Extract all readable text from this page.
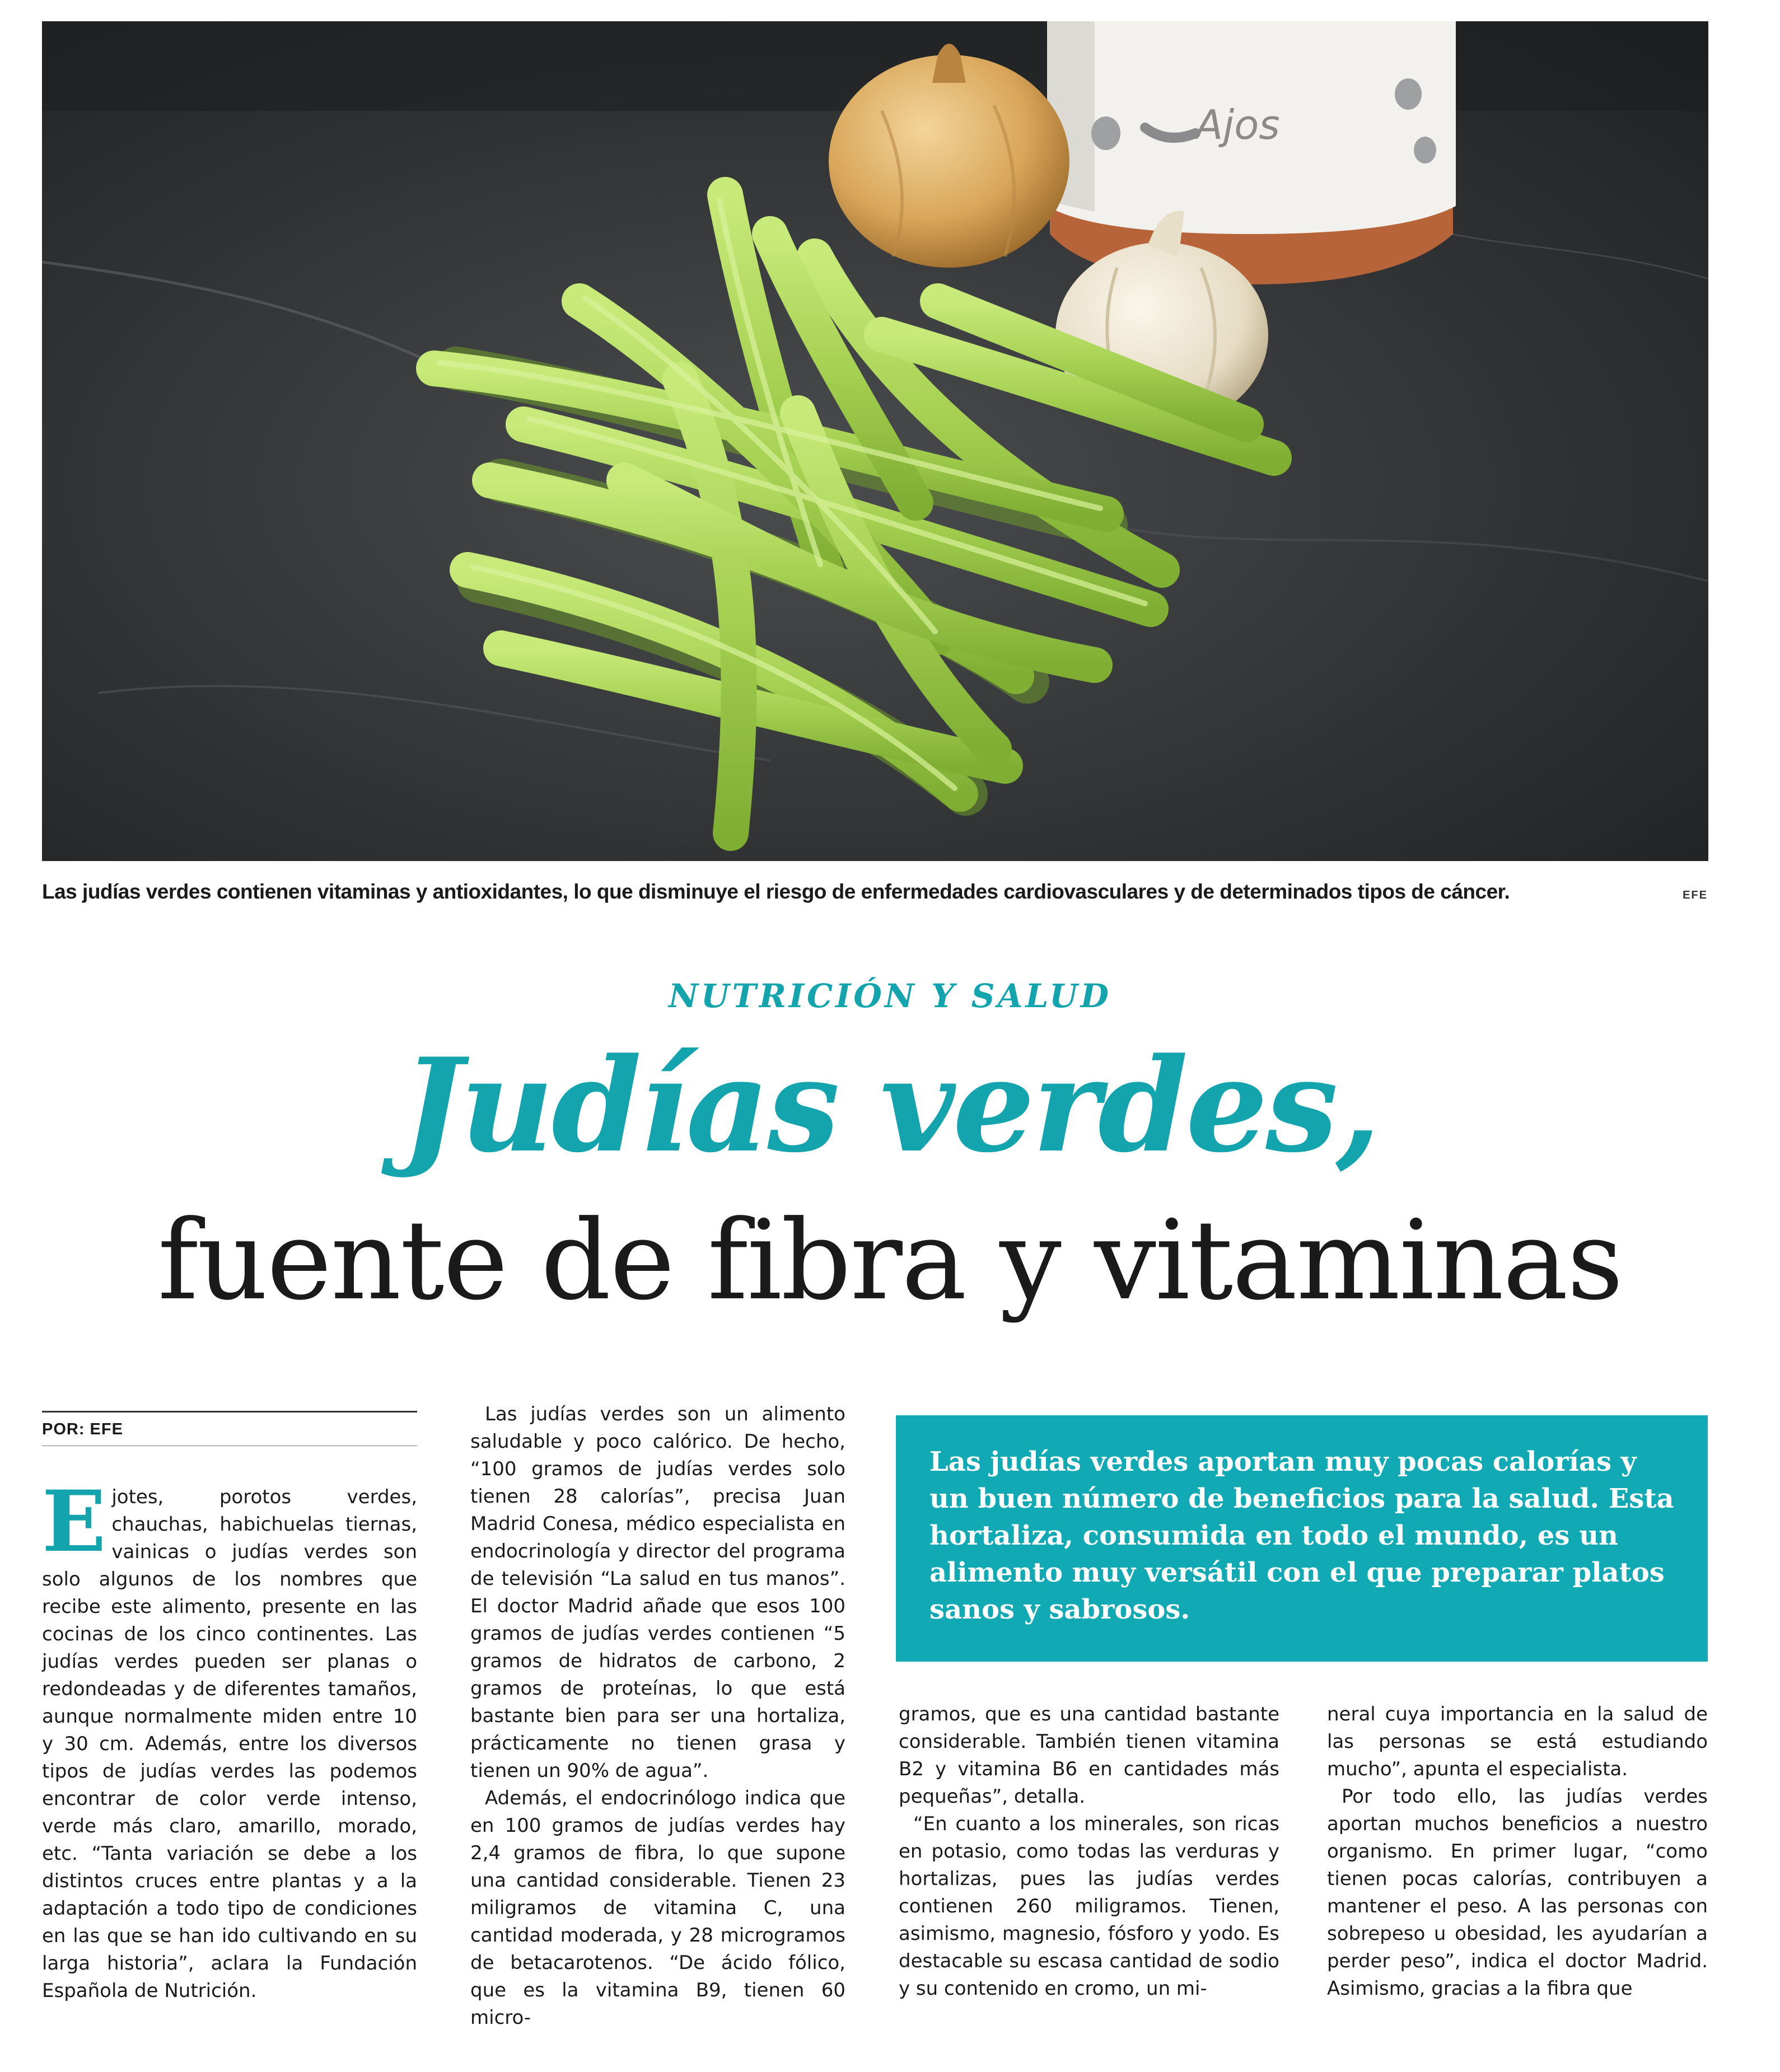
Ajos
Las judías verdes contienen vitaminas y antioxidantes, lo que disminuye el riesgo de enfermedades cardiovasculares y de determinados tipos de cáncer.	EFE
NUTRICIÓN Y SALUD
Judías verdes,
fuente de fibra y vitaminas
POR: EFE

E jotes, porotos verdes, chauchas, habichuelas tiernas, vainicas o judías verdes son solo algunos de los nombres que recibe este alimento, presente en las cocinas de los cinco continentes. Las judías verdes pueden ser planas o redondeadas y de diferentes tamaños, aunque normalmente miden entre 10 y 30 cm. Además, entre los diversos tipos de judías verdes las podemos encontrar de color verde intenso, verde más claro, amarillo, morado, etc. “Tanta variación se debe a los distintos cruces entre plantas y a la adaptación a todo tipo de condiciones en las que se han ido cultivando en su larga historia”, aclara la Fundación Española de Nutrición.

Las judías verdes son un alimento saludable y poco calórico. De hecho, “100 gramos de judías verdes solo tienen 28 calorías”, precisa Juan Madrid Conesa, médico especialista en endocrinología y director del programa de televisión “La salud en tus manos”. El doctor Madrid añade que esos 100 gramos de judías verdes contienen “5 gramos de hidratos de carbono, 2 gramos de proteínas, lo que está bastante bien para ser una hortaliza, prácticamente no tienen grasa y tienen un 90% de agua”.

Además, el endocrinólogo indica que en 100 gramos de judías verdes hay 2,4 gramos de fibra, lo que supone una cantidad considerable. Tienen 23 miligramos de vitamina C, una cantidad moderada, y 28 microgramos de betacarotenos. “De ácido fólico, que es la vitamina B9, tienen 60 micro-

Las judías verdes aportan muy pocas calorías y un buen número de beneficios para la salud. Esta hortaliza, consumida en todo el mundo, es un alimento muy versátil con el que preparar platos sanos y sabrosos.

gramos, que es una cantidad bastante considerable. También tienen vitamina B2 y vitamina B6 en cantidades más pequeñas”, detalla.

“En cuanto a los minerales, son ricas en potasio, como todas las verduras y hortalizas, pues las judías verdes contienen 260 miligramos. Tienen, asimismo, magnesio, fósforo y yodo. Es destacable su escasa cantidad de sodio y su contenido en cromo, un mi-

neral cuya importancia en la salud de las personas se está estudiando mucho”, apunta el especialista.

Por todo ello, las judías verdes aportan muchos beneficios a nuestro organismo. En primer lugar, “como tienen pocas calorías, contribuyen a mantener el peso. A las personas con sobrepeso u obesidad, les ayudarían a perder peso”, indica el doctor Madrid. Asimismo, gracias a la fibra que
